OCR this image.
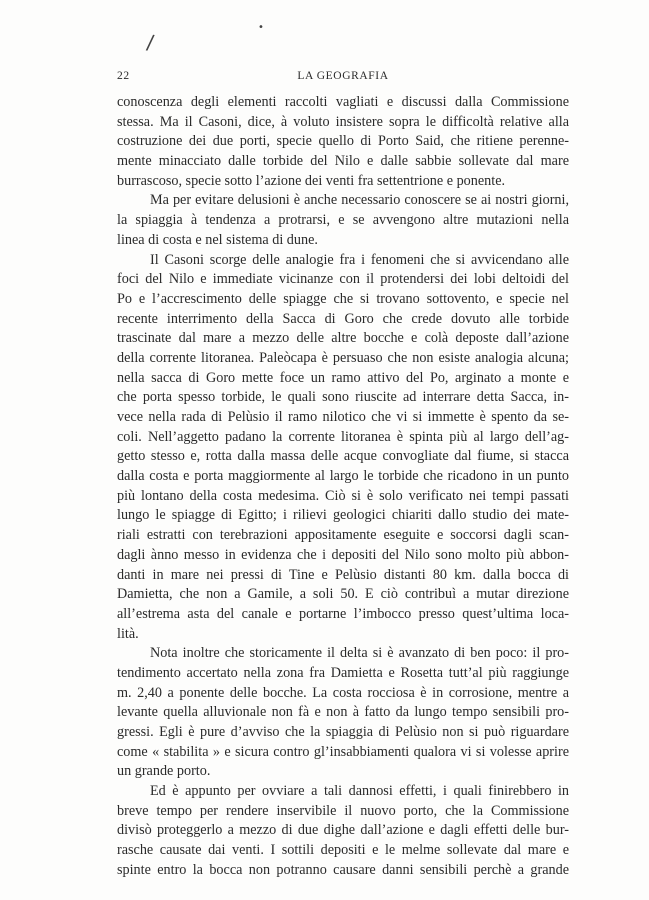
/
•
22	LA GEOGRAFIA
conoscenza degli elementi raccolti vagliati e discussi dalla Commissione
stessa. Ma il Casoni, dice, à voluto insistere sopra le difficoltà relative alla
costruzione dei due porti, specie quello di Porto Said, che ritiene perenne-
mente minacciato dalle torbide del Nilo e dalle sabbie sollevate dal mare
burrascoso, specie sotto l’azione dei venti fra settentrione e ponente.
Ma per evitare delusioni è anche necessario conoscere se ai nostri giorni,
la spiaggia à tendenza a protrarsi, e se avvengono altre mutazioni nella
linea di costa e nel sistema di dune.
Il Casoni scorge delle analogie fra i fenomeni che si avvicendano alle
foci del Nilo e immediate vicinanze con il protendersi dei lobi deltoidi del
Po e l’accrescimento delle spiagge che si trovano sottovento, e specie nel
recente interrimento della Sacca di Goro che crede dovuto alle torbide
trascinate dal mare a mezzo delle altre bocche e colà deposte dall’azione
della corrente litoranea. Paleòcapa è persuaso che non esiste analogia alcuna;
nella sacca di Goro mette foce un ramo attivo del Po, arginato a monte e
che porta spesso torbide, le quali sono riuscite ad interrare detta Sacca, in-
vece nella rada di Pelùsio il ramo nilotico che vi si immette è spento da se-
coli. Nell’aggetto padano la corrente litoranea è spinta più al largo dell’ag-
getto stesso e, rotta dalla massa delle acque convogliate dal fiume, si stacca
dalla costa e porta maggiormente al largo le torbide che ricadono in un punto
più lontano della costa medesima. Ciò si è solo verificato nei tempi passati
lungo le spiagge di Egitto; i rilievi geologici chiariti dallo studio dei mate-
riali estratti con terebrazioni appositamente eseguite e soccorsi dagli scan-
dagli ànno messo in evidenza che i depositi del Nilo sono molto più abbon-
danti in mare nei pressi di Tine e Pelùsio distanti 80 km. dalla bocca di
Damietta, che non a Gamile, a soli 50. E ciò contribuì a mutar direzione
all’estrema asta del canale e portarne l’imbocco presso quest’ultima loca-
lità.
Nota inoltre che storicamente il delta si è avanzato di ben poco: il pro-
tendimento accertato nella zona fra Damietta e Rosetta tutt’al più raggiunge
m. 2,40 a ponente delle bocche. La costa rocciosa è in corrosione, mentre a
levante quella alluvionale non fà e non à fatto da lungo tempo sensibili pro-
gressi. Egli è pure d’avviso che la spiaggia di Pelùsio non si può riguardare
come « stabilita » e sicura contro gl’insabbiamenti qualora vi si volesse aprire
un grande porto.
Ed è appunto per ovviare a tali dannosi effetti, i quali finirebbero in
breve tempo per rendere inservibile il nuovo porto, che la Commissione
divisò proteggerlo a mezzo di due dighe dall’azione e dagli effetti delle bur-
rasche causate dai venti. I sottili depositi e le melme sollevate dal mare e
spinte entro la bocca non potranno causare danni sensibili perchè a grande
